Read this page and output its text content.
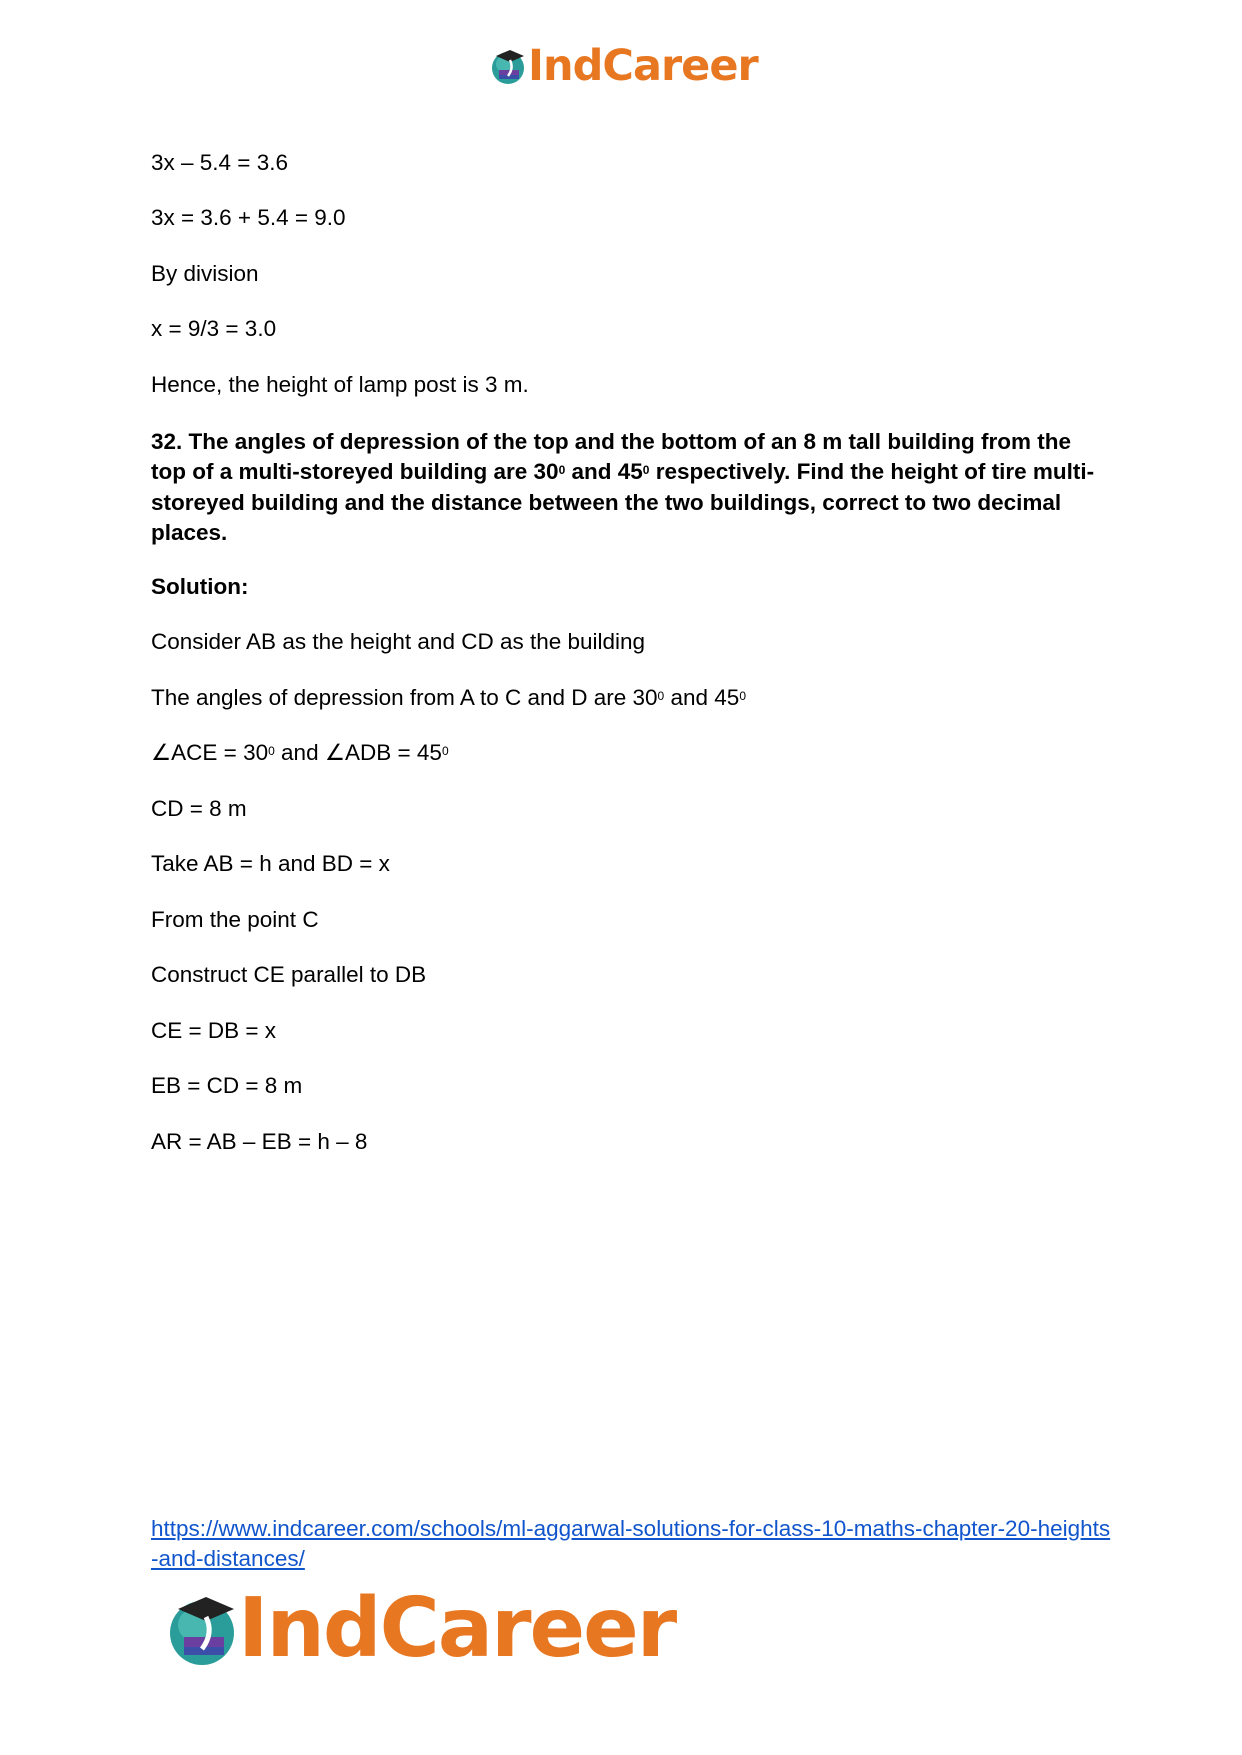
IndCareer
3x – 5.4 = 3.6
3x = 3.6 + 5.4 = 9.0
By division
x = 9/3 = 3.0
Hence, the height of lamp post is 3 m.
32. The angles of depression of the top and the bottom of an 8 m tall building from the top of a multi-storeyed building are $30^0$ and $45^0$ respectively. Find the height of tire multi-storeyed building and the distance between the two buildings, correct to two decimal places.
Solution:
Consider AB as the height and CD as the building
The angles of depression from A to C and D are $30^0$ and $45^0$
∠ACE = $30^0$ and ∠ADB = $45^0$
CD = 8 m
Take AB = h and BD = x
From the point C
Construct CE parallel to DB
CE = DB = x
EB = CD = 8 m
AR = AB – EB = h – 8
https://www.indcareer.com/schools/ml-aggarwal-solutions-for-class-10-maths-chapter-20-heights-and-distances/
IndCareer
